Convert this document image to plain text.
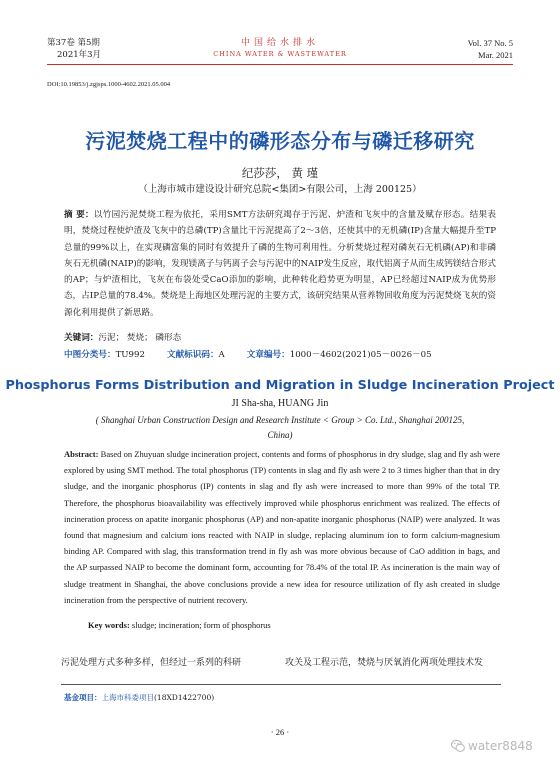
第37卷 第5期
2021年3月
中国给水排水
CHINA WATER & WASTEWATER
Vol. 37 No. 5
Mar. 2021
DOI:10.19853/j.zgjsps.1000-4602.2021.05.004
污泥焚烧工程中的磷形态分布与磷迁移研究
纪莎莎， 黄 瑾
（上海市城市建设设计研究总院<集团>有限公司，上海 200125）
摘 要：以竹园污泥焚烧工程为依托，采用SMT方法研究竭存于污泥、炉渣和飞灰中的含量及赋存形态。结果表明，焚烧过程使炉渣及飞灰中的总磷(TP)含量比干污泥提高了2～3倍，还使其中的无机磷(IP)含量大幅提升至TP总量的99%以上，在实现磷富集的同时有效提升了磷的生物可利用性。分析焚烧过程对磷灰石无机磷(AP)和非磷灰石无机磷(NAIP)的影响，发现镁离子与钙离子会与污泥中的NAIP发生反应，取代铝离子从而生成钙镁结合形式的AP；与炉渣相比，飞灰在布袋处受CaO添加的影响，此种转化趋势更为明显，AP已经超过NAIP成为优势形态，占IP总量的78.4%。焚烧是上海地区处理污泥的主要方式，该研究结果从营养物回收角度为污泥焚烧飞灰的资源化利用提供了新思路。
关键词：污泥； 焚烧； 磷形态
中图分类号：TU992	文献标识码：A	文章编号：1000－4602(2021)05－0026－05
Phosphorus Forms Distribution and Migration in Sludge Incineration Project
JI Sha-sha, HUANG Jin
( Shanghai Urban Construction Design and Research Institute < Group > Co. Ltd., Shanghai 200125, China)
Abstract: Based on Zhuyuan sludge incineration project, contents and forms of phosphorus in dry sludge, slag and fly ash were explored by using SMT method. The total phosphorus (TP) contents in slag and fly ash were 2 to 3 times higher than that in dry sludge, and the inorganic phosphorus (IP) contents in slag and fly ash were increased to more than 99% of the total TP. Therefore, the phosphorus bioavailability was effectively improved while phosphorus enrichment was realized. The effects of incineration process on apatite inorganic phosphorus (AP) and non-apatite inorganic phosphorus (NAIP) were analyzed. It was found that magnesium and calcium ions reacted with NAIP in sludge, replacing aluminum ion to form calcium-magnesium binding AP. Compared with slag, this transformation trend in fly ash was more obvious because of CaO addition in bags, and the AP surpassed NAIP to become the dominant form, accounting for 78.4% of the total IP. As incineration is the main way of sludge treatment in Shanghai, the above conclusions provide a new idea for resource utilization of fly ash created in sludge incineration from the perspective of nutrient recovery.
Key words: sludge; incineration; form of phosphorus
污泥处理方式多种多样，但经过一系列的科研	攻关及工程示范，焚烧与厌氧消化两项处理技术发
基金项目：上海市科委项目(18XD1422700)
· 26 ·
water8848
